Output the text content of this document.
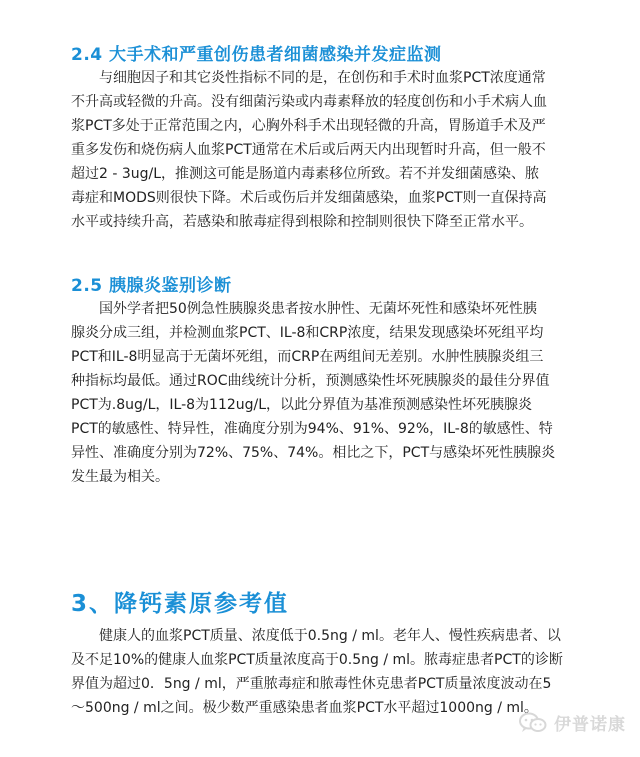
2.4 大手术和严重创伤患者细菌感染并发症监测
与细胞因子和其它炎性指标不同的是，在创伤和手术时血浆PCT浓度通常
不升高或轻微的升高。没有细菌污染或内毒素释放的轻度创伤和小手术病人血
浆PCT多处于正常范围之内，心胸外科手术出现轻微的升高，胃肠道手术及严
重多发伤和烧伤病人血浆PCT通常在术后或后两天内出现暂时升高，但一般不
超过2 - 3ug/L，推测这可能是肠道内毒素移位所致。若不并发细菌感染、脓
毒症和MODS则很快下降。术后或伤后并发细菌感染，血浆PCT则一直保持高
水平或持续升高，若感染和脓毒症得到根除和控制则很快下降至正常水平。
2.5 胰腺炎鉴别诊断
国外学者把50例急性胰腺炎患者按水肿性、无菌坏死性和感染坏死性胰
腺炎分成三组，并检测血浆PCT、IL-8和CRP浓度，结果发现感染坏死组平均
PCT和IL-8明显高于无菌坏死组，而CRP在两组间无差别。水肿性胰腺炎组三
种指标均最低。通过ROC曲线统计分析，预测感染性坏死胰腺炎的最佳分界值
PCT为.8ug/L，IL-8为112ug/L，以此分界值为基准预测感染性坏死胰腺炎
PCT的敏感性、特异性，准确度分别为94%、91%、92%，IL-8的敏感性、特
异性、准确度分别为72%、75%、74%。相比之下，PCT与感染坏死性胰腺炎
发生最为相关。
3、降钙素原参考值
健康人的血浆PCT质量、浓度低于0.5ng / ml。老年人、慢性疾病患者、以
及不足10%的健康人血浆PCT质量浓度高于0.5ng / ml。脓毒症患者PCT的诊断
界值为超过0．5ng / ml，严重脓毒症和脓毒性休克患者PCT质量浓度波动在5
～500ng / ml之间。极少数严重感染患者血浆PCT水平超过1000ng / ml。
伊普诺康
